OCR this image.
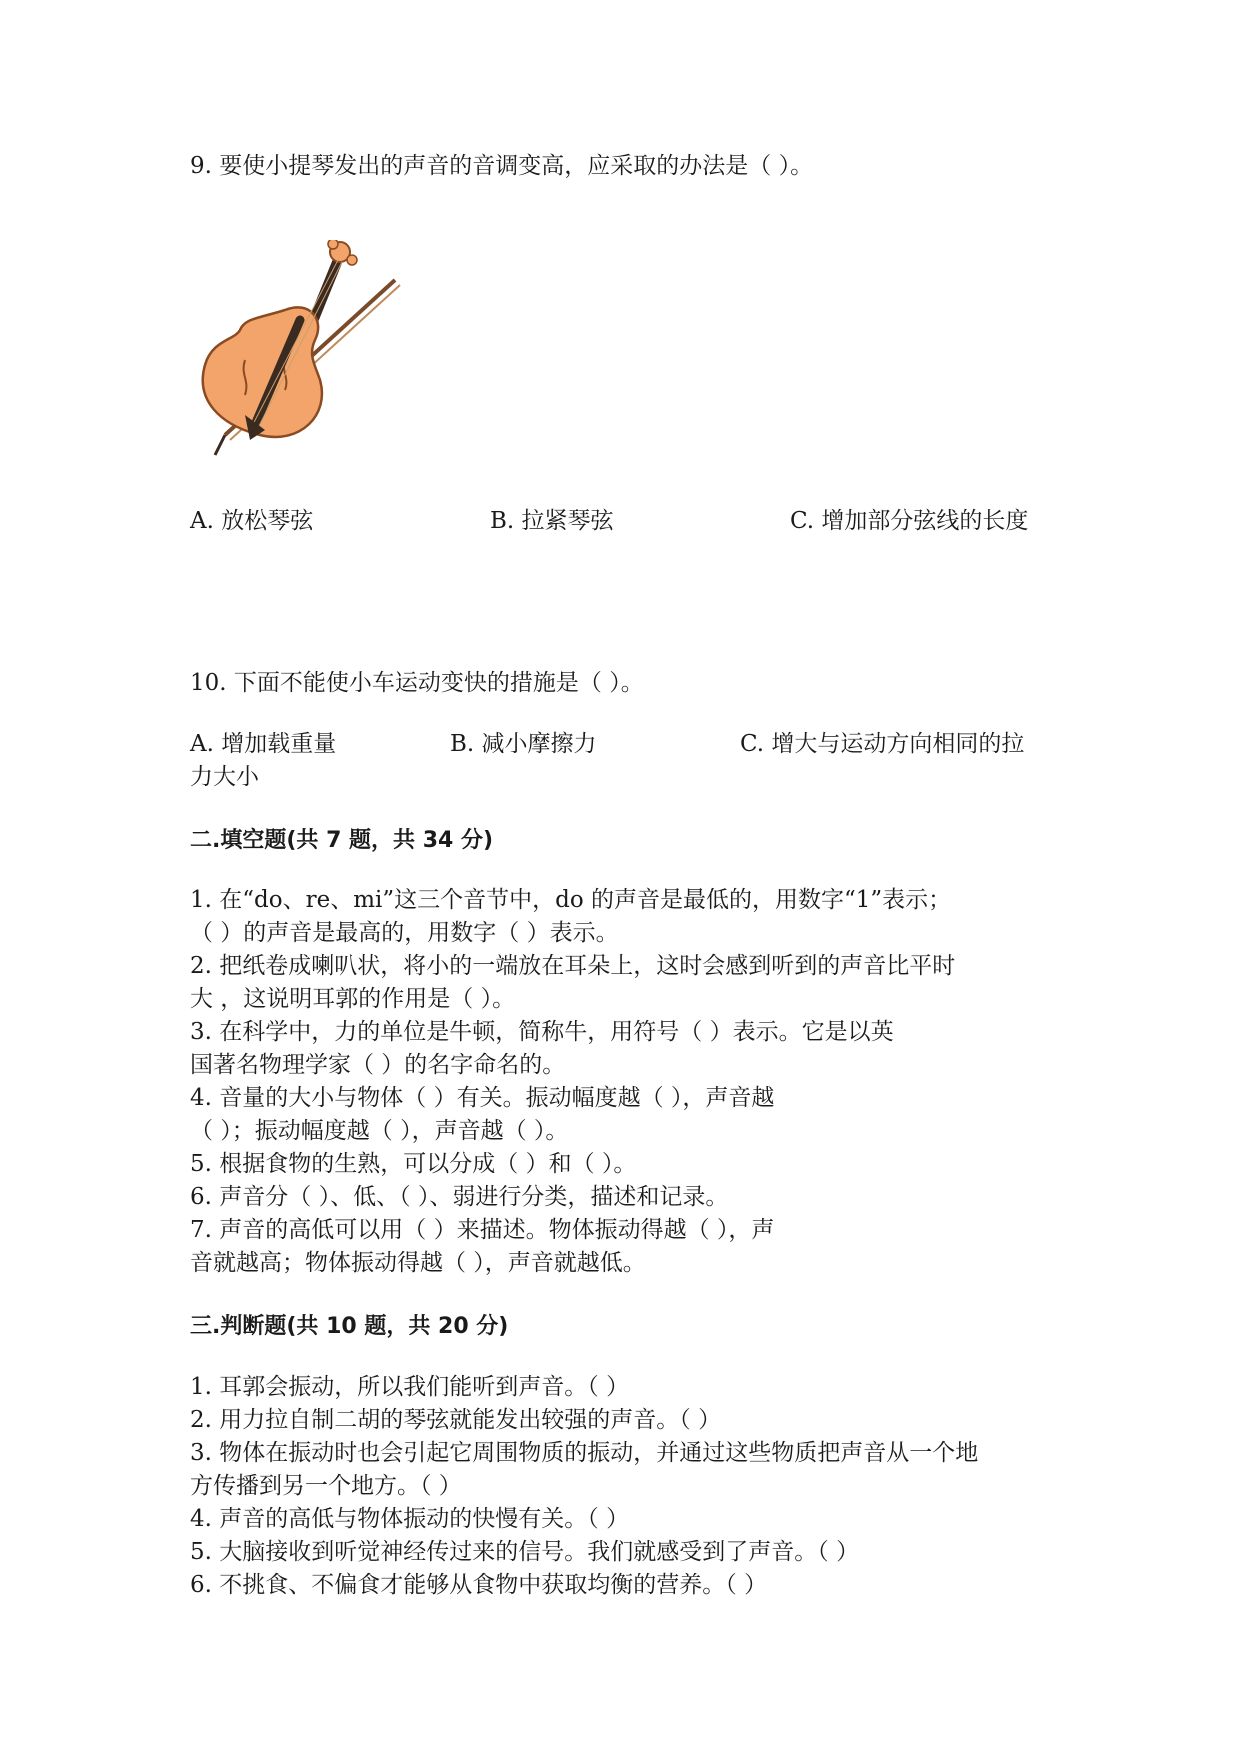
9. 要使小提琴发出的声音的音调变高，应采取的办法是（ ）。
A. 放松琴弦	B. 拉紧琴弦	C. 增加部分弦线的长度
10. 下面不能使小车运动变快的措施是（ ）。
A. 增加载重量	B. 减小摩擦力	C. 增大与运动方向相同的拉
力大小
二.填空题(共 7 题，共 34 分)
1. 在“do、re、mi”这三个音节中，do 的声音是最低的，用数字“1”表示；
（ ）的声音是最高的，用数字（ ）表示。
2. 把纸卷成喇叭状，将小的一端放在耳朵上，这时会感到听到的声音比平时
大 ，这说明耳郭的作用是（ ）。
3. 在科学中，力的单位是牛顿，简称牛，用符号（ ）表示。它是以英
国著名物理学家（ ）的名字命名的。
4. 音量的大小与物体（ ）有关。振动幅度越（ ），声音越
（ ）；振动幅度越（ ），声音越（ ）。
5. 根据食物的生熟，可以分成（ ）和（ ）。
6. 声音分（ ）、低、（ ）、弱进行分类，描述和记录。
7. 声音的高低可以用（ ）来描述。物体振动得越（ ），声
音就越高；物体振动得越（ ），声音就越低。
三.判断题(共 10 题，共 20 分)
1. 耳郭会振动，所以我们能听到声音。（ ）
2. 用力拉自制二胡的琴弦就能发出较强的声音。（ ）
3. 物体在振动时也会引起它周围物质的振动，并通过这些物质把声音从一个地
方传播到另一个地方。（ ）
4. 声音的高低与物体振动的快慢有关。（ ）
5. 大脑接收到听觉神经传过来的信号。我们就感受到了声音。（ ）
6. 不挑食、不偏食才能够从食物中获取均衡的营养。（ ）
